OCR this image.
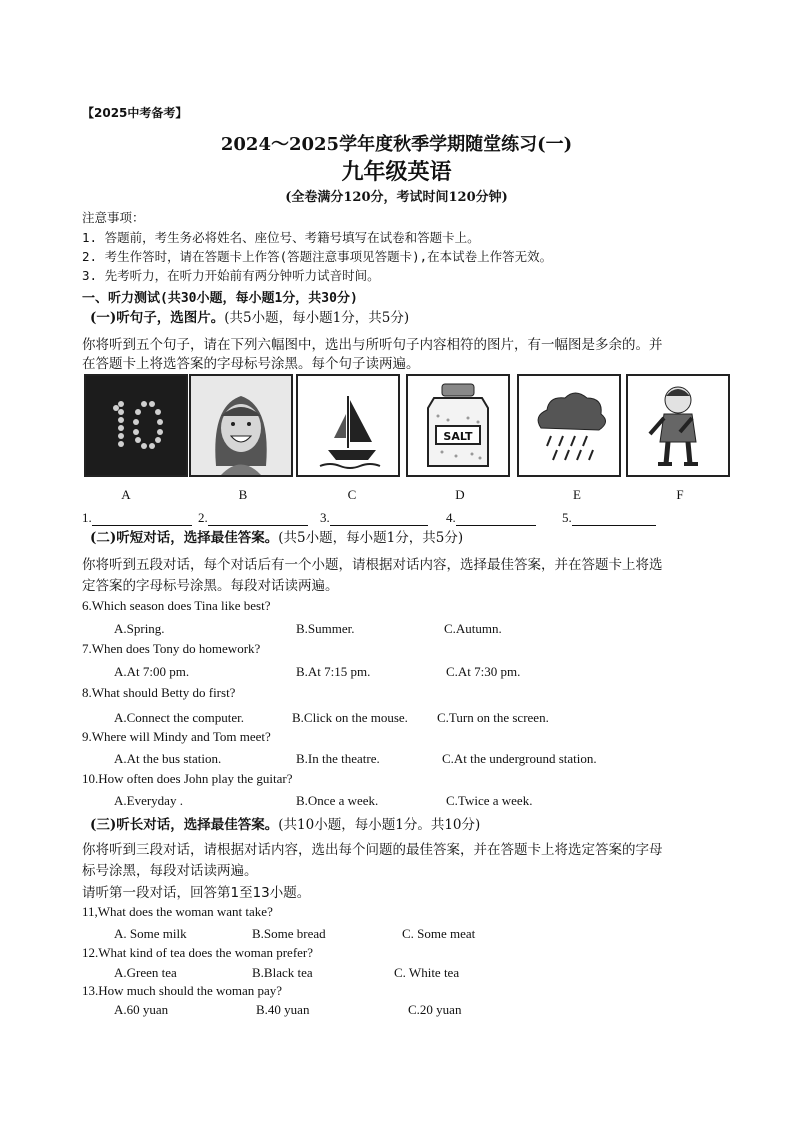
【2025中考备考】
2024～2025学年度秋季学期随堂练习(一)
九年级英语
(全卷满分120分，考试时间120分钟)
注意事项：
1. 答题前，考生务必将姓名、座位号、考籍号填写在试卷和答题卡上。
2. 考生作答时，请在答题卡上作答(答题注意事项见答题卡),在本试卷上作答无效。
3. 先考听力，在听力开始前有两分钟听力试音时间。
一、听力测试(共30小题，每小题1分，共30分)
(一)听句子，选图片。(共5小题，每小题1分，共5分)
你将听到五个句子，请在下列六幅图中，选出与所听句子内容相符的图片，有一幅图是多余的。并
在答题卡上将选答案的字母标号涂黑。每个句子读两遍。
SALT
A	B	C	D	E	F
1.	2.	3.	4.	5.
(二)听短对话，选择最佳答案。(共5小题，每小题1分，共5分)
你将听到五段对话，每个对话后有一个小题，请根据对话内容，选择最佳答案，并在答题卡上将选
定答案的字母标号涂黑。每段对话读两遍。
6.Which season does Tina like best?
A.Spring.	B.Summer.	C.Autumn.
7.When does Tony do homework?
A.At 7:00 pm.	B.At 7:15 pm.	C.At 7:30 pm.
8.What should Betty do first?
A.Connect the computer.	B.Click on the mouse. C.Turn on the screen.
9.Where will Mindy and Tom meet?
A.At the bus station.	B.In the theatre.	C.At the underground station.
10.How often does John play the guitar?
A.Everyday .	B.Once a week.	C.Twice a week.
(三)听长对话，选择最佳答案。(共10小题，每小题1分。共10分)
你将听到三段对话，请根据对话内容，选出每个问题的最佳答案，并在答题卡上将选定答案的字母
标号涂黑，每段对话读两遍。
请听第一段对话，回答第1至13小题。
11,What does the woman want take?
A. Some milk	B.Some bread	C. Some meat
12.What kind of tea does the woman prefer?
A.Green tea	B.Black tea	C. White tea
13.How much should the woman pay?
A.60 yuan	B.40 yuan	C.20 yuan
